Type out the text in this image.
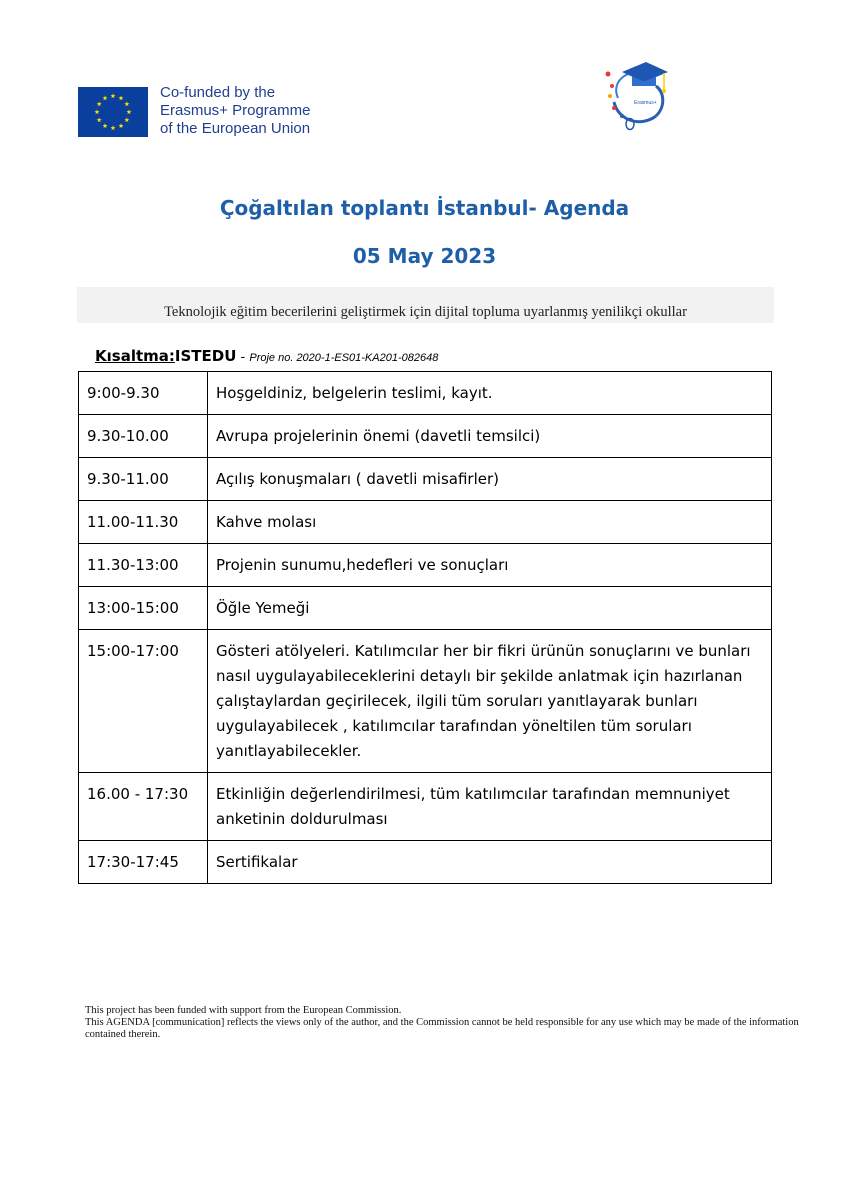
Co-funded by the
Erasmus+ Programme
of the European Union
Erasmus+
Çoğaltılan toplantı İstanbul- Agenda
05 May 2023
Teknolojik eğitim becerilerini geliştirmek için dijital topluma uyarlanmış yenilikçi okullar
Kısaltma:ISTEDU - Proje no. 2020-1-ES01-KA201-082648
9:00-9.30	Hoşgeldiniz, belgelerin teslimi, kayıt.
9.30-10.00	Avrupa projelerinin önemi (davetli temsilci)
9.30-11.00	Açılış konuşmaları ( davetli misafirler)
11.00-11.30	Kahve molası
11.30-13:00	Projenin sunumu,hedefleri ve sonuçları
13:00-15:00	Öğle Yemeği
15:00-17:00	Gösteri atölyeleri. Katılımcılar her bir fikri ürünün sonuçlarını ve bunları nasıl uygulayabileceklerini detaylı bir şekilde anlatmak için hazırlanan çalıştaylardan geçirilecek, ilgili tüm soruları yanıtlayarak bunları uygulayabilecek , katılımcılar tarafından yöneltilen tüm soruları yanıtlayabilecekler.
16.00 - 17:30	Etkinliğin değerlendirilmesi, tüm katılımcılar tarafından memnuniyet anketinin doldurulması
17:30-17:45	Sertifikalar
This project has been funded with support from the European Commission.
This AGENDA [communication] reflects the views only of the author, and the Commission cannot be held responsible for any use which may be made of the information contained therein.
